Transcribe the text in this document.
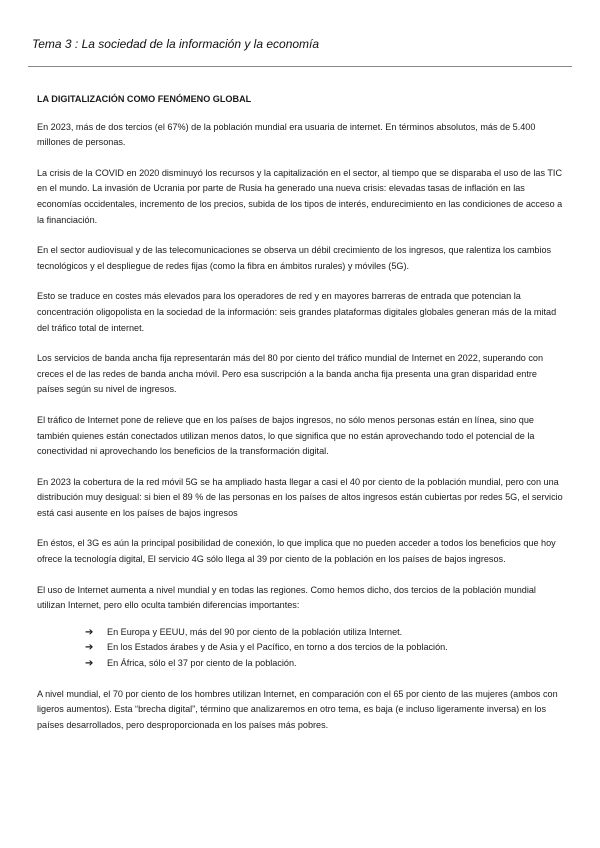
Tema 3 : La sociedad de la información y la economía
LA DIGITALIZACIÓN COMO FENÓMENO GLOBAL

En 2023, más de dos tercios (el 67%) de la población mundial era usuaria de internet. En términos absolutos, más de 5.400 millones de personas.

La crisis de la COVID en 2020 disminuyó los recursos y la capitalización en el sector, al tiempo que se disparaba el uso de las TIC en el mundo. La invasión de Ucrania por parte de Rusia ha generado una nueva crisis: elevadas tasas de inflación en las economías occidentales, incremento de los precios, subida de los tipos de interés, endurecimiento en las condiciones de acceso a la financiación.

En el sector audiovisual y de las telecomunicaciones se observa un débil crecimiento de los ingresos, que ralentiza los cambios tecnológicos y el despliegue de redes fijas (como la fibra en ámbitos rurales) y móviles (5G).

Esto se traduce en costes más elevados para los operadores de red y en mayores barreras de entrada que potencian la concentración oligopolista en la sociedad de la información: seis grandes plataformas digitales globales generan más de la mitad del tráfico total de internet.

Los servicios de banda ancha fija representarán más del 80 por ciento del tráfico mundial de Internet en 2022, superando con creces el de las redes de banda ancha móvil. Pero esa suscripción a la banda ancha fija presenta una gran disparidad entre países según su nivel de ingresos.

El tráfico de Internet pone de relieve que en los países de bajos ingresos, no sólo menos personas están en línea, sino que también quienes están conectados utilizan menos datos, lo que significa que no están aprovechando todo el potencial de la conectividad ni aprovechando los beneficios de la transformación digital.

En 2023 la cobertura de la red móvil 5G se ha ampliado hasta llegar a casi el 40 por ciento de la población mundial, pero con una distribución muy desigual: si bien el 89 % de las personas en los países de altos ingresos están cubiertas por redes 5G, el servicio está casi ausente en los países de bajos ingresos

En éstos, el 3G es aún la principal posibilidad de conexión, lo que implica que no pueden acceder a todos los beneficios que hoy ofrece la tecnología digital, El servicio 4G sólo llega al 39 por ciento de la población en los países de bajos ingresos.

El uso de Internet aumenta a nivel mundial y en todas las regiones. Como hemos dicho, dos tercios de la población mundial utilizan Internet, pero ello oculta también diferencias importantes:

➔ En Europa y EEUU, más del 90 por ciento de la población utiliza Internet.
➔ En los Estados árabes y de Asia y el Pacífico, en torno a dos tercios de la población.
➔ En África, sólo el 37 por ciento de la población.

A nivel mundial, el 70 por ciento de los hombres utilizan Internet, en comparación con el 65 por ciento de las mujeres (ambos con ligeros aumentos). Esta “brecha digital”, término que analizaremos en otro tema, es baja (e incluso ligeramente inversa) en los países desarrollados, pero desproporcionada en los países más pobres.
